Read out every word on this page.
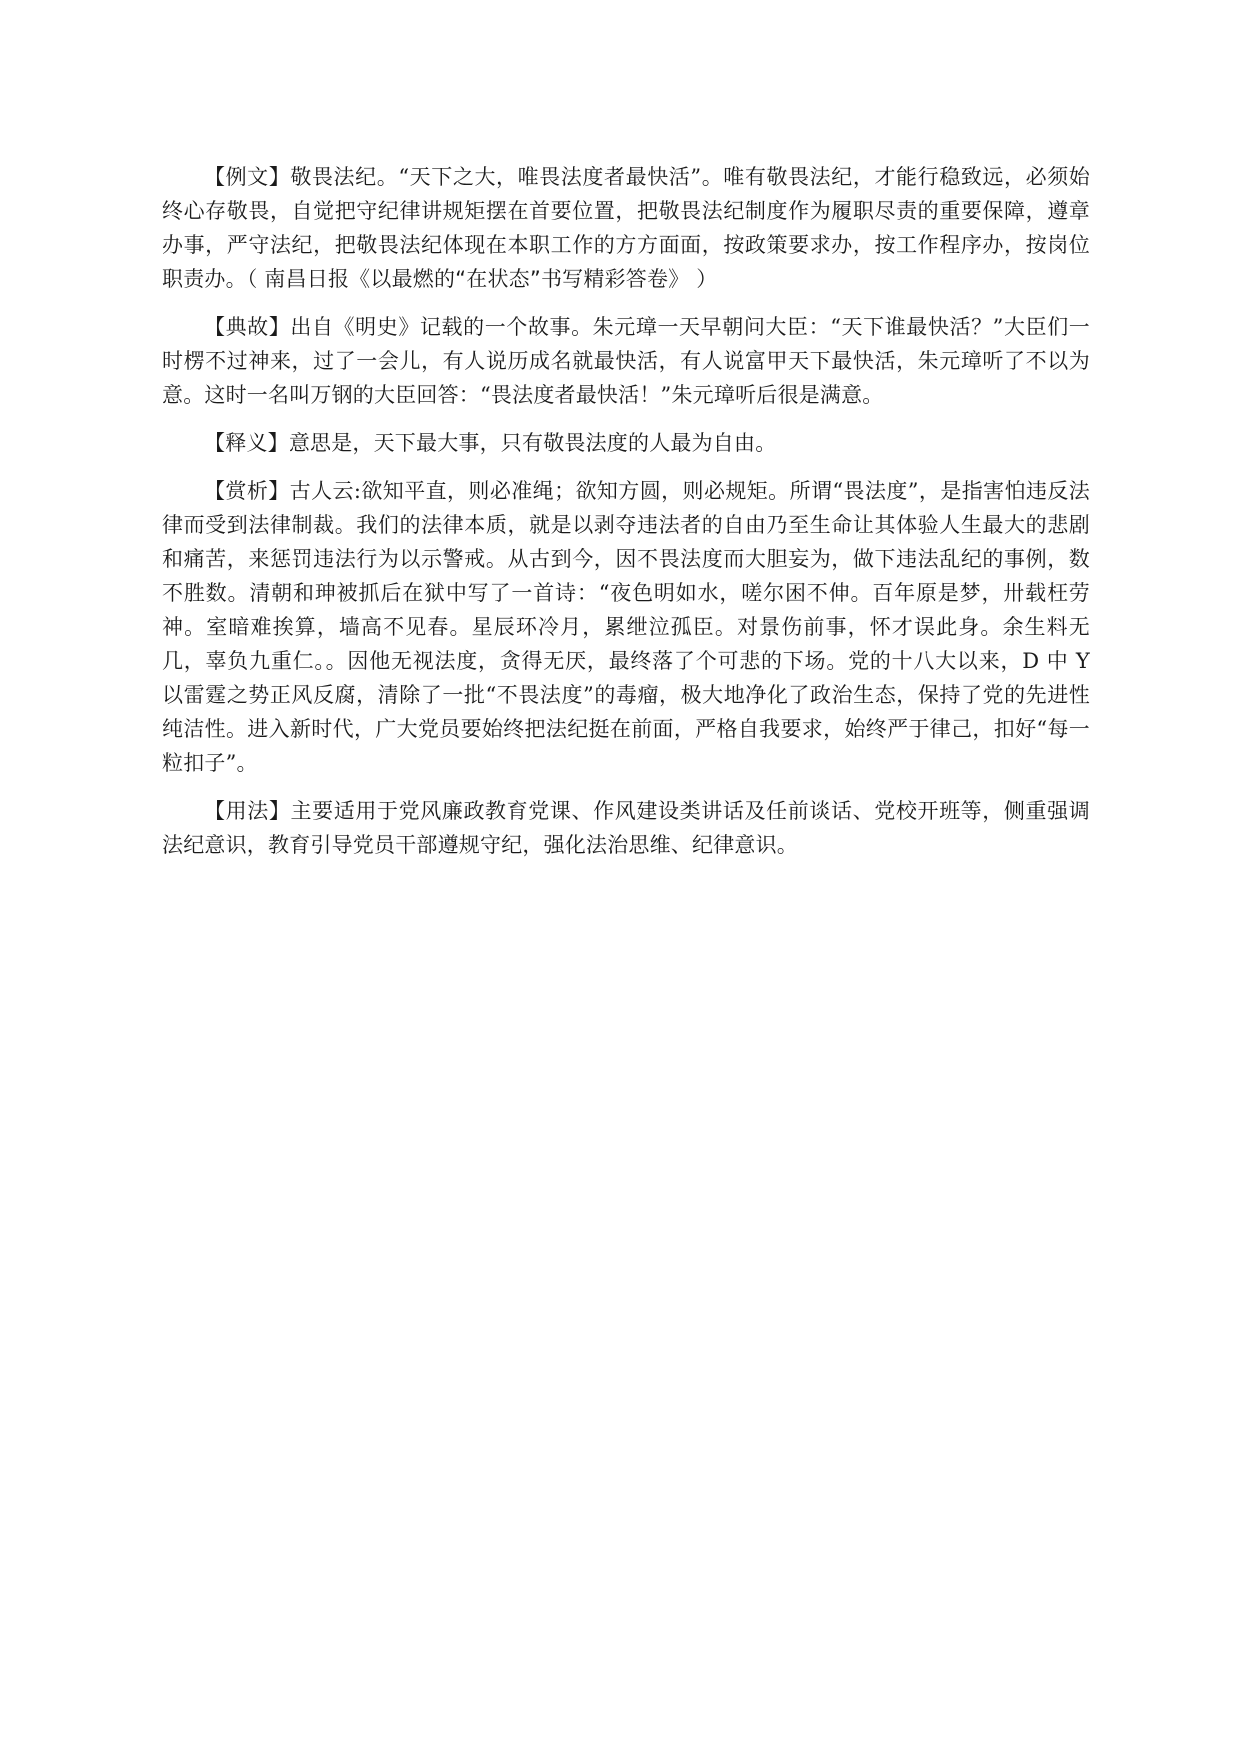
【例文】敬畏法纪。“天下之大，唯畏法度者最快活”。唯有敬畏法纪，才能行稳致远，必须始终心存敬畏，自觉把守纪律讲规矩摆在首要位置，把敬畏法纪制度作为履职尽责的重要保障，遵章办事，严守法纪，把敬畏法纪体现在本职工作的方方面面，按政策要求办，按工作程序办，按岗位职责办。（ 南昌日报《以最燃的“在状态”书写精彩答卷》 ）

【典故】出自《明史》记载的一个故事。朱元璋一天早朝问大臣：“天下谁最快活？”大臣们一时楞不过神来，过了一会儿，有人说历成名就最快活，有人说富甲天下最快活，朱元璋听了不以为意。这时一名叫万钢的大臣回答：“畏法度者最快活！”朱元璋听后很是满意。

【释义】意思是，天下最大事，只有敬畏法度的人最为自由。

【赏析】古人云:欲知平直，则必准绳；欲知方圆，则必规矩。所谓“畏法度”，是指害怕违反法律而受到法律制裁。我们的法律本质，就是以剥夺违法者的自由乃至生命让其体验人生最大的悲剧和痛苦，来惩罚违法行为以示警戒。从古到今，因不畏法度而大胆妄为，做下违法乱纪的事例，数不胜数。清朝和珅被抓后在狱中写了一首诗：“夜色明如水，嗟尔困不伸。百年原是梦，卅载枉劳神。室暗难挨算，墙高不见春。星辰环冷月，累绁泣孤臣。对景伤前事，怀才误此身。余生料无几，辜负九重仁。。因他无视法度，贪得无厌，最终落了个可悲的下场。党的十八大以来，D 中 Y 以雷霆之势正风反腐，清除了一批“不畏法度”的毒瘤，极大地净化了政治生态，保持了党的先进性纯洁性。进入新时代，广大党员要始终把法纪挺在前面，严格自我要求，始终严于律己，扣好“每一粒扣子”。

【用法】主要适用于党风廉政教育党课、作风建设类讲话及任前谈话、党校开班等，侧重强调法纪意识，教育引导党员干部遵规守纪，强化法治思维、纪律意识。
